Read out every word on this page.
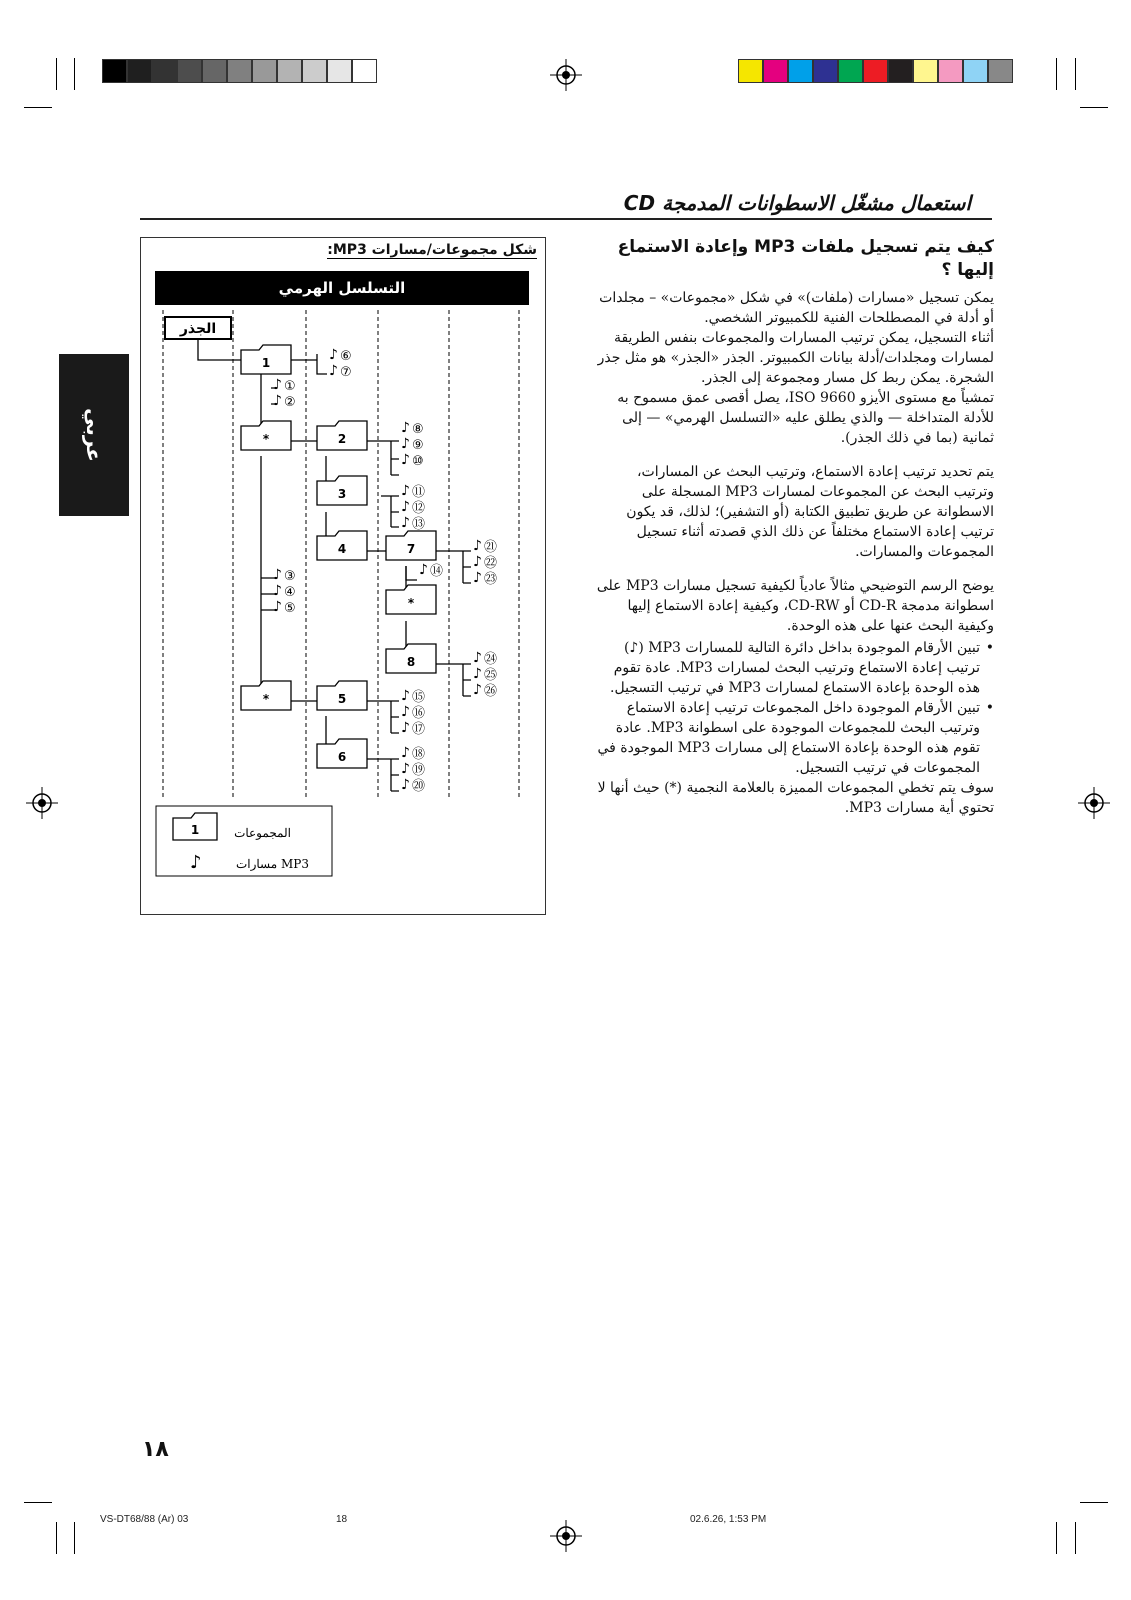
استعمال مشغّل الاسطوانات المدمجة CD
عربي
كيف يتم تسجيل ملفات MP3 وإعادة الاستماع إليها ؟

يمكن تسجيل «مسارات (ملفات)» في شكل «مجموعات» – مجلدات أو أدلة في المصطلحات الفنية للكمبيوتر الشخصي.

أثناء التسجيل، يمكن ترتيب المسارات والمجموعات بنفس الطريقة لمسارات ومجلدات/أدلة بيانات الكمبيوتر. الجذر «الجذر» هو مثل جذر الشجرة. يمكن ربط كل مسار ومجموعة إلى الجذر.

تمشياً مع مستوى الأيزو ISO 9660، يصل أقصى عمق مسموح به للأدلة المتداخلة — والذي يطلق عليه «التسلسل الهرمي» — إلى ثمانية (بما في ذلك الجذر).

يتم تحديد ترتيب إعادة الاستماع، وترتيب البحث عن المسارات، وترتيب البحث عن المجموعات لمسارات MP3 المسجلة على الاسطوانة عن طريق تطبيق الكتابة (أو التشفير)؛ لذلك، قد يكون ترتيب إعادة الاستماع مختلفاً عن ذلك الذي قصدته أثناء تسجيل المجموعات والمسارات.

يوضح الرسم التوضيحي مثالاً عادياً لكيفية تسجيل مسارات MP3 على اسطوانة مدمجة CD-R أو CD-RW، وكيفية إعادة الاستماع إليها وكيفية البحث عنها على هذه الوحدة.

• تبين الأرقام الموجودة بداخل دائرة التالية للمسارات MP3 (♪) ترتيب إعادة الاستماع وترتيب البحث لمسارات MP3. عادة تقوم هذه الوحدة بإعادة الاستماع لمسارات MP3 في ترتيب التسجيل.
• تبين الأرقام الموجودة داخل المجموعات ترتيب إعادة الاستماع وترتيب البحث للمجموعات الموجودة على اسطوانة MP3. عادة تقوم هذه الوحدة بإعادة الاستماع إلى مسارات MP3 الموجودة في المجموعات في ترتيب التسجيل.

سوف يتم تخطي المجموعات المميزة بالعلامة النجمية (*) حيث أنها لا تحتوي أية مسارات MP3.

شكل مجموعات/مسارات MP3:
التسلسل الهرمي
الجذر
1
*	2
3
4	7
*
8
*	5
6
♪ ①
♪ ②
♪ ③
♪ ④
♪ ⑤
♪ ⑥
♪ ⑦
♪ ⑧
♪ ⑨
♪ ⑩
♪ ⑪
♪ ⑫
♪ ⑬
♪ ⑭
♪ ⑮
♪ ⑯
♪ ⑰
♪ ⑱
♪ ⑲
♪ ⑳
♪ ㉑
♪ ㉒
♪ ㉓
♪ ㉔
♪ ㉕
♪ ㉖
1	المجموعات
♪	مسارات MP3
١٨
VS-DT68/88 (Ar) 03	18	02.6.26, 1:53 PM
